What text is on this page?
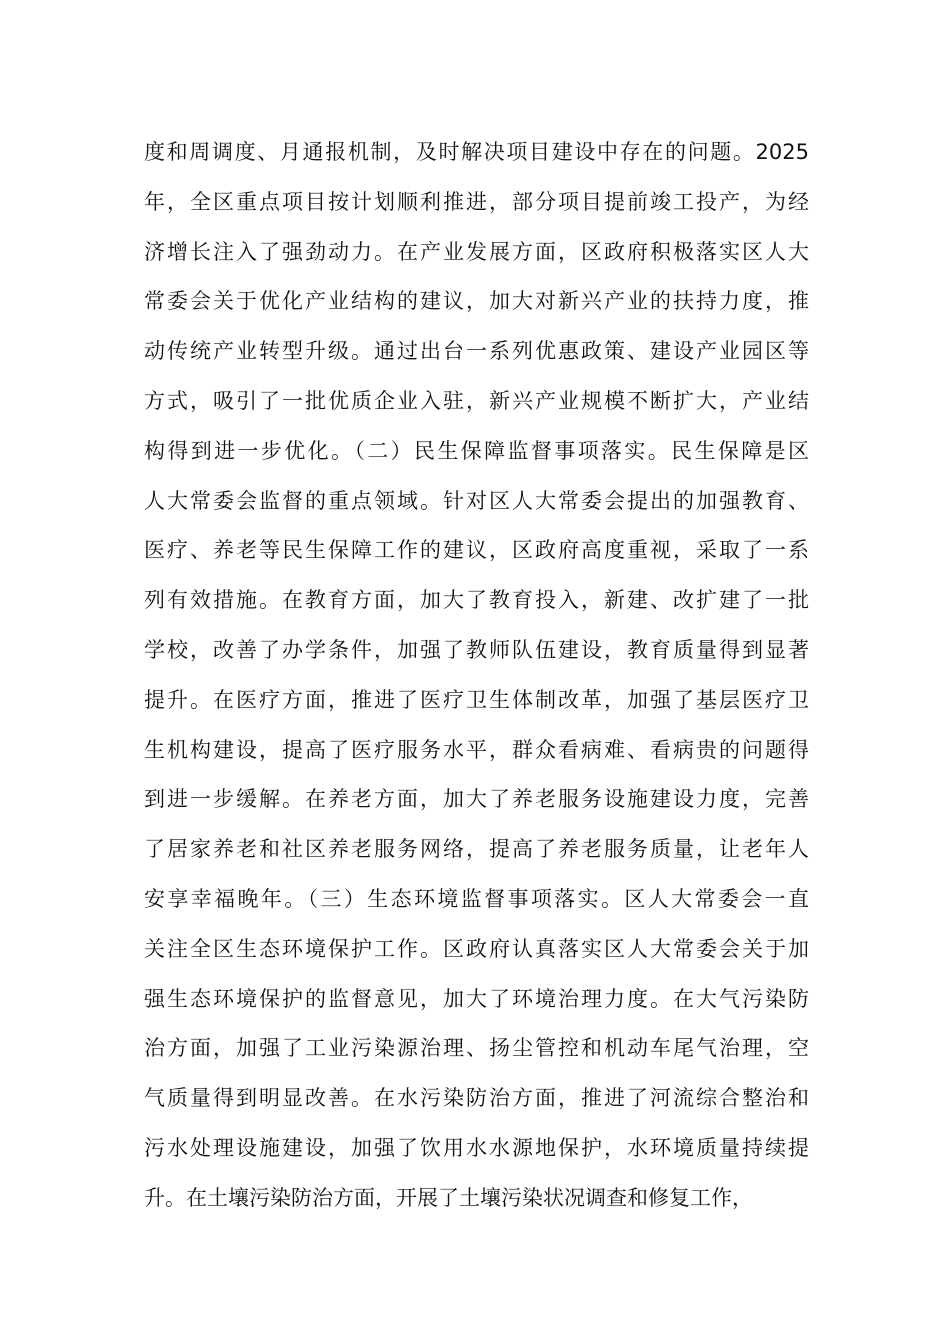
度和周调度、月通报机制，及时解决项目建设中存在的问题。2025
年，全区重点项目按计划顺利推进，部分项目提前竣工投产，为经
济增长注入了强劲动力。在产业发展方面，区政府积极落实区人大
常委会关于优化产业结构的建议，加大对新兴产业的扶持力度，推
动传统产业转型升级。通过出台一系列优惠政策、建设产业园区等
方式，吸引了一批优质企业入驻，新兴产业规模不断扩大，产业结
构得到进一步优化。（二）民生保障监督事项落实。民生保障是区
人大常委会监督的重点领域。针对区人大常委会提出的加强教育、
医疗、养老等民生保障工作的建议，区政府高度重视，采取了一系
列有效措施。在教育方面，加大了教育投入，新建、改扩建了一批
学校，改善了办学条件，加强了教师队伍建设，教育质量得到显著
提升。在医疗方面，推进了医疗卫生体制改革，加强了基层医疗卫
生机构建设，提高了医疗服务水平，群众看病难、看病贵的问题得
到进一步缓解。在养老方面，加大了养老服务设施建设力度，完善
了居家养老和社区养老服务网络，提高了养老服务质量，让老年人
安享幸福晚年。（三）生态环境监督事项落实。区人大常委会一直
关注全区生态环境保护工作。区政府认真落实区人大常委会关于加
强生态环境保护的监督意见，加大了环境治理力度。在大气污染防
治方面，加强了工业污染源治理、扬尘管控和机动车尾气治理，空
气质量得到明显改善。在水污染防治方面，推进了河流综合整治和
污水处理设施建设，加强了饮用水水源地保护，水环境质量持续提
升。在土壤污染防治方面，开展了土壤污染状况调查和修复工作，
